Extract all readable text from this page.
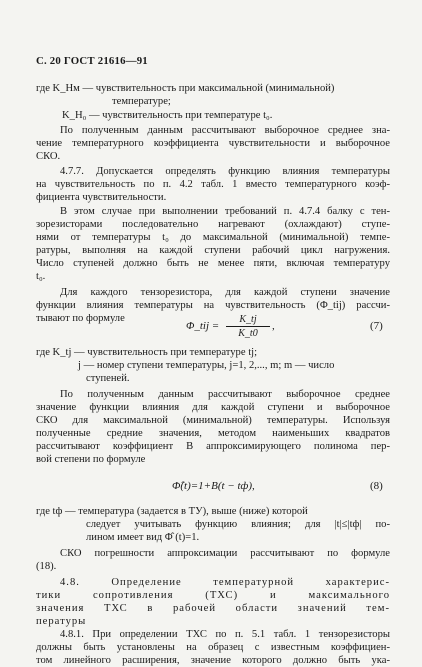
С. 20 ГОСТ 21616—91
где K_Нм — чувствительность при максимальной (минимальной)
температуре;
K_Н₀ — чувствительность при температуре t₀.
По полученным данным рассчитывают выборочное среднее зна-
чение температурного коэффициента чувствительности и выборочное
СКО.
4.7.7. Допускается определять функцию влияния температуры
на чувствительность по п. 4.2 табл. 1 вместо температурного коэф-
фициента чувствительности.
В этом случае при выполнении требований п. 4.7.4 балку с тен-
зорезисторами последовательно нагревают (охлаждают) ступе-
нями от температуры t₀ до максимальной (минимальной) темпе-
ратуры, выполняя на каждой ступени рабочий цикл нагружения.
Число ступеней должно быть не менее пяти, включая температуру
t₀.
Для каждого тензорезистора, для каждой ступени значение
функции влияния температуры на чувствительность (Φ_tij) рассчи-
тывают по формуле
Φ_tij =
K_tj
K_t0
,	(7)
где K_tj — чувствительность при температуре tj;
j — номер ступени температуры, j=1, 2,..., m; m — число
ступеней.
По полученным данным рассчитывают выборочное среднее
значение функции влияния для каждой ступени и выборочное
СКО для максимальной (минимальной) температуры. Используя
полученные средние значения, методом наименьших квадратов
рассчитывают коэффициент B аппроксимирующего полинома пер-
вой степени по формуле
Φ̂(t)=1+B(t − tф),	(8)
где tф — температура (задается в ТУ), выше (ниже) которой
следует учитывать функцию влияния; для |t|≤|tф| по-
лином имеет вид Φ̂ (t)=1.
СКО погрешности аппроксимации рассчитывают по формуле
(18).
4.8. Определение температурной характерис-
тики сопротивления (ТХС) и максимального
значения ТХС в рабочей области значений тем-
пературы
4.8.1. При определении ТХС по п. 5.1 табл. 1 тензорезисторы
должны быть установлены на образец с известным коэффициен-
том линейного расширения, значение которого должно быть ука-
